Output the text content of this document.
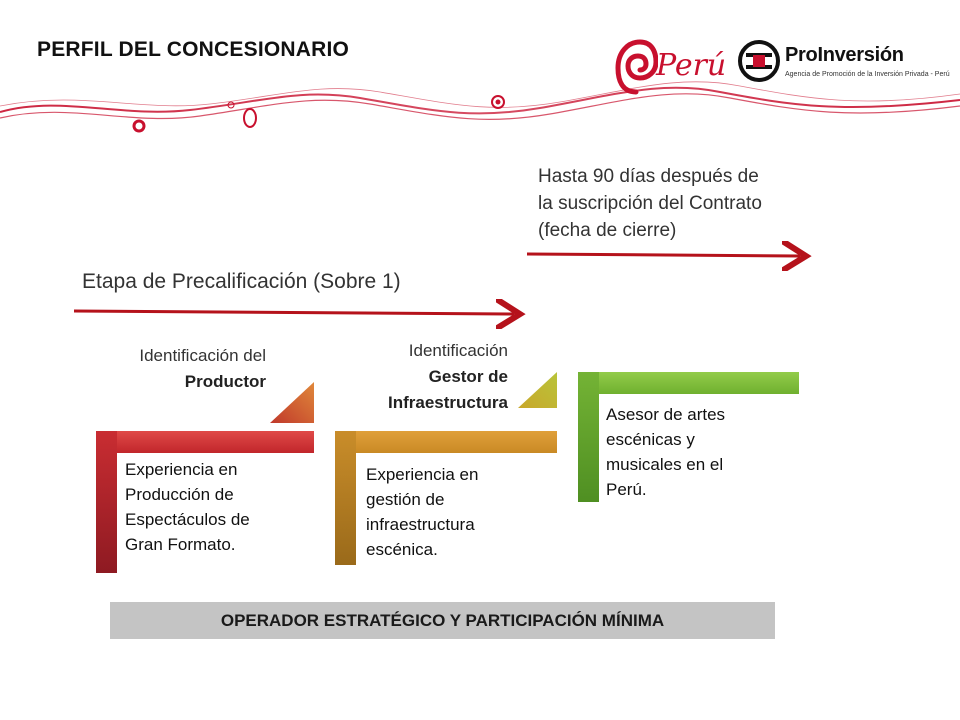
PERFIL DEL CONCESIONARIO	Perú	ProInversión
Agencia de Promoción de la Inversión Privada - Perú
Hasta 90 días después de
la suscripción del Contrato
(fecha de cierre)
Etapa de Precalificación (Sobre 1)
Identificación del
Productor
Identificación
Gestor de
Infraestructura
Experiencia en
Producción de
Espectáculos de
Gran Formato.
Experiencia en
gestión de
infraestructura
escénica.
Asesor de artes
escénicas y
musicales en el
Perú.
OPERADOR ESTRATÉGICO Y PARTICIPACIÓN MÍNIMA
